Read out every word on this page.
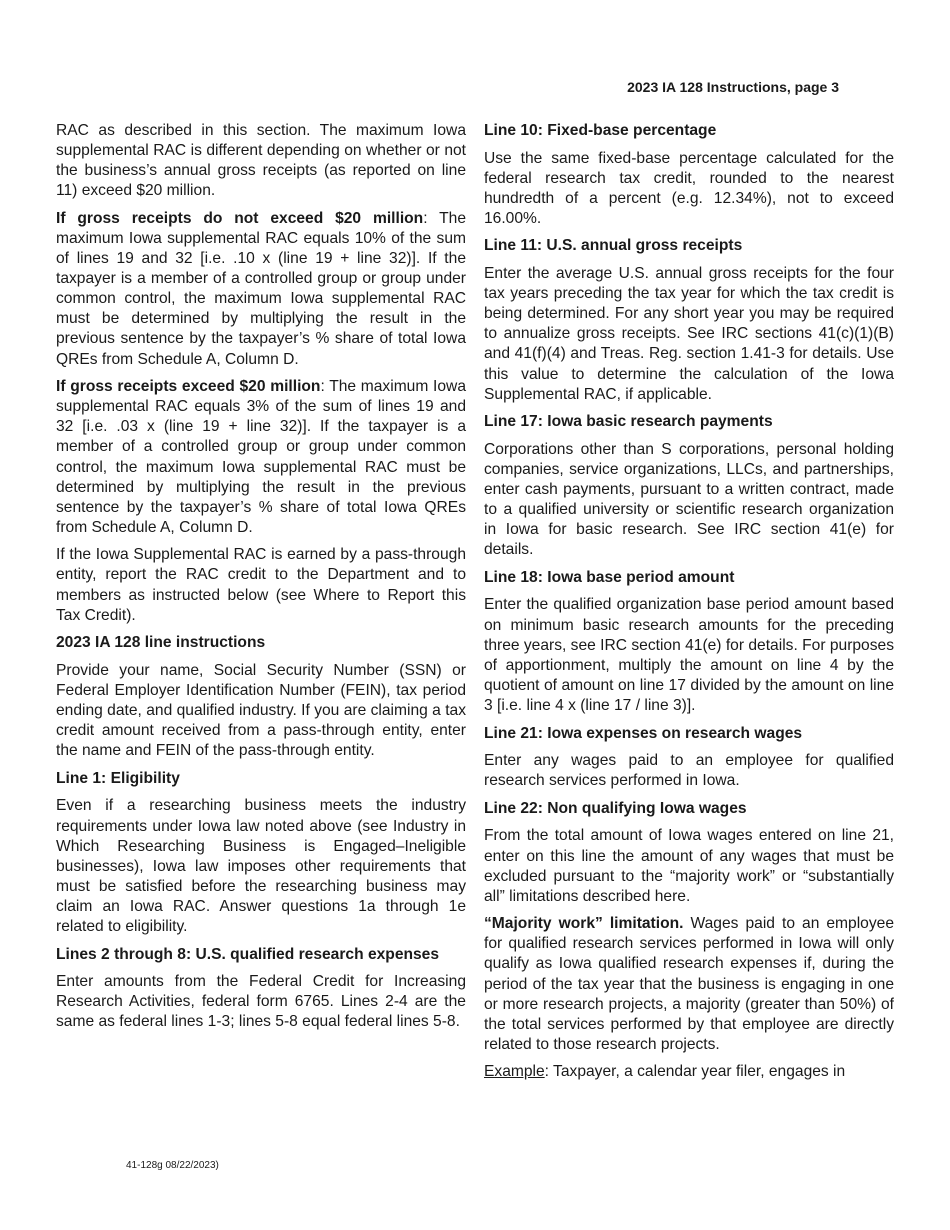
2023 IA 128 Instructions, page 3

RAC as described in this section. The maximum Iowa supplemental RAC is different depending on whether or not the business’s annual gross receipts (as reported on line 11) exceed $20 million.

If gross receipts do not exceed $20 million: The maximum Iowa supplemental RAC equals 10% of the sum of lines 19 and 32 [i.e. .10 x (line 19 + line 32)]. If the taxpayer is a member of a controlled group or group under common control, the maximum Iowa supplemental RAC must be determined by multiplying the result in the previous sentence by the taxpayer’s % share of total Iowa QREs from Schedule A, Column D.

If gross receipts exceed $20 million: The maximum Iowa supplemental RAC equals 3% of the sum of lines 19 and 32 [i.e. .03 x (line 19 + line 32)]. If the taxpayer is a member of a controlled group or group under common control, the maximum Iowa supplemental RAC must be determined by multiplying the result in the previous sentence by the taxpayer’s % share of total Iowa QREs from Schedule A, Column D.

If the Iowa Supplemental RAC is earned by a pass-through entity, report the RAC credit to the Department and to members as instructed below (see Where to Report this Tax Credit).

2023 IA 128 line instructions

Provide your name, Social Security Number (SSN) or Federal Employer Identification Number (FEIN), tax period ending date, and qualified industry. If you are claiming a tax credit amount received from a pass-through entity, enter the name and FEIN of the pass-through entity.

Line 1: Eligibility

Even if a researching business meets the industry requirements under Iowa law noted above (see Industry in Which Researching Business is Engaged–Ineligible businesses), Iowa law imposes other requirements that must be satisfied before the researching business may claim an Iowa RAC. Answer questions 1a through 1e related to eligibility.

Lines 2 through 8: U.S. qualified research expenses

Enter amounts from the Federal Credit for Increasing Research Activities, federal form 6765. Lines 2-4 are the same as federal lines 1-3; lines 5-8 equal federal lines 5-8.

Line 10: Fixed-base percentage

Use the same fixed-base percentage calculated for the federal research tax credit, rounded to the nearest hundredth of a percent (e.g. 12.34%), not to exceed 16.00%.

Line 11: U.S. annual gross receipts

Enter the average U.S. annual gross receipts for the four tax years preceding the tax year for which the tax credit is being determined. For any short year you may be required to annualize gross receipts. See IRC sections 41(c)(1)(B) and 41(f)(4) and Treas. Reg. section 1.41-3 for details. Use this value to determine the calculation of the Iowa Supplemental RAC, if applicable.

Line 17: Iowa basic research payments

Corporations other than S corporations, personal holding companies, service organizations, LLCs, and partnerships, enter cash payments, pursuant to a written contract, made to a qualified university or scientific research organization in Iowa for basic research. See IRC section 41(e) for details.

Line 18: Iowa base period amount

Enter the qualified organization base period amount based on minimum basic research amounts for the preceding three years, see IRC section 41(e) for details. For purposes of apportionment, multiply the amount on line 4 by the quotient of amount on line 17 divided by the amount on line 3 [i.e. line 4 x (line 17 / line 3)].

Line 21: Iowa expenses on research wages

Enter any wages paid to an employee for qualified research services performed in Iowa.

Line 22: Non qualifying Iowa wages

From the total amount of Iowa wages entered on line 21, enter on this line the amount of any wages that must be excluded pursuant to the “majority work” or “substantially all” limitations described here.

“Majority work” limitation. Wages paid to an employee for qualified research services performed in Iowa will only qualify as Iowa qualified research expenses if, during the period of the tax year that the business is engaging in one or more research projects, a majority (greater than 50%) of the total services performed by that employee are directly related to those research projects.

Example: Taxpayer, a calendar year filer, engages in

41-128g 08/22/2023)
